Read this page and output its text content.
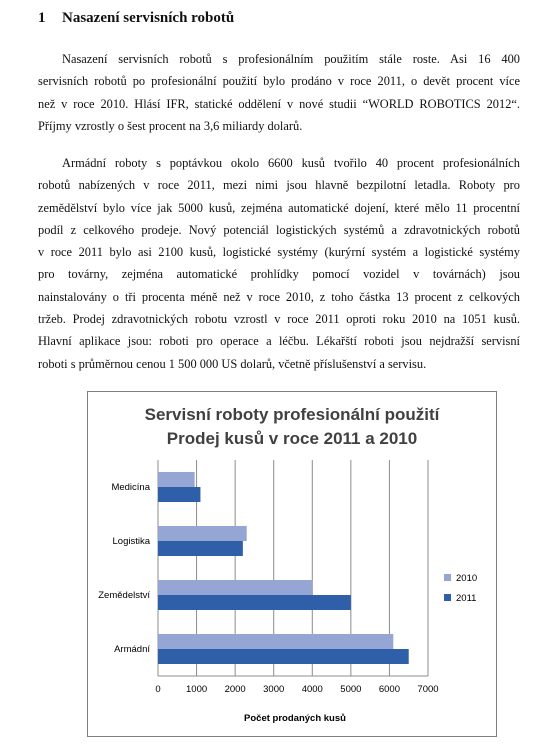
1 Nasazení servisních robotů
Nasazení servisních robotů s profesionálním použitím stále roste. Asi 16 400
servisních robotů po profesionální použití bylo prodáno v roce 2011, o devět procent více
než v roce 2010. Hlásí IFR, statické oddělení v nové studii “WORLD ROBOTICS 2012“.
Příjmy vzrostly o šest procent na 3,6 miliardy dolarů.
Armádní roboty s poptávkou okolo 6600 kusů tvořilo 40 procent profesionálních
robotů nabízených v roce 2011, mezi nimi jsou hlavně bezpilotní letadla. Roboty pro
zemědělství bylo více jak 5000 kusů, zejména automatické dojení, které mělo 11 procentní
podíl z celkového prodeje. Nový potenciál logistických systémů a zdravotnických robotů
v roce 2011 bylo asi 2100 kusů, logistické systémy (kurýrní systém a logistické systémy
pro továrny, zejména automatické prohlídky pomocí vozidel v továrnách) jsou
nainstalovány o tři procenta méně než v roce 2010, z toho částka 13 procent z celkových
tržeb. Prodej zdravotnických robotu vzrostl v roce 2011 oproti roku 2010 na 1051 kusů.
Hlavní aplikace jsou: roboti pro operace a léčbu. Lékařští roboti jsou nejdražší servisní
roboti s průměrnou cenou 1 500 000 US dolarů, včetně příslušenství a servisu.
Servisní roboty profesionální použití
Prodej kusů v roce 2011 a 2010
0	1000 2000 3000 4000 5000 6000 7000
Počet prodaných kusů
Armádní
Zemědelství
Logistika
Medicína
2010
2011
